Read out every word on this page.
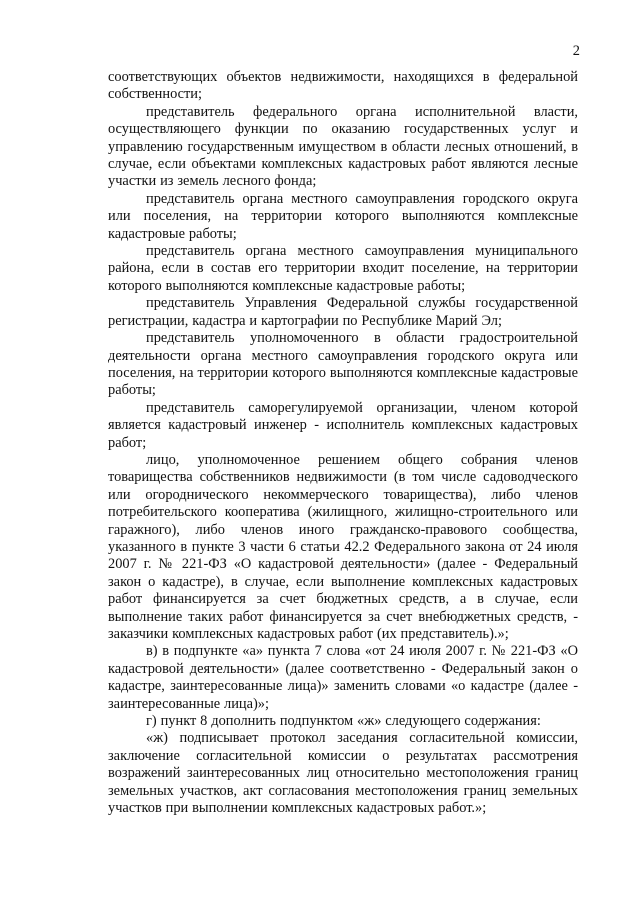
2

соответствующих объектов недвижимости, находящихся в федеральной собственности;

представитель федерального органа исполнительной власти, осуществляющего функции по оказанию государственных услуг и управлению государственным имуществом в области лесных отношений, в случае, если объектами комплексных кадастровых работ являются лесные участки из земель лесного фонда;

представитель органа местного самоуправления городского округа или поселения, на территории которого выполняются комплексные кадастровые работы;

представитель органа местного самоуправления муниципального района, если в состав его территории входит поселение, на территории которого выполняются комплексные кадастровые работы;

представитель Управления Федеральной службы государственной регистрации, кадастра и картографии по Республике Марий Эл;

представитель уполномоченного в области градостроительной деятельности органа местного самоуправления городского округа или поселения, на территории которого выполняются комплексные кадастровые работы;

представитель саморегулируемой организации, членом которой является кадастровый инженер - исполнитель комплексных кадастровых работ;

лицо, уполномоченное решением общего собрания членов товарищества собственников недвижимости (в том числе садоводческого или огороднического некоммерческого товарищества), либо членов потребительского кооператива (жилищного, жилищно-строительного или гаражного), либо членов иного гражданско-правового сообщества, указанного в пункте 3 части 6 статьи 42.2 Федерального закона от 24 июля 2007 г. № 221-ФЗ «О кадастровой деятельности» (далее - Федеральный закон о кадастре), в случае, если выполнение комплексных кадастровых работ финансируется за счет бюджетных средств, а в случае, если выполнение таких работ финансируется за счет внебюджетных средств, - заказчики комплексных кадастровых работ (их представитель).»;

в) в подпункте «а» пункта 7 слова «от 24 июля 2007 г. № 221-ФЗ «О кадастровой деятельности» (далее соответственно - Федеральный закон о кадастре, заинтересованные лица)» заменить словами «о кадастре (далее - заинтересованные лица)»;

г) пункт 8 дополнить подпунктом «ж» следующего содержания:

«ж) подписывает протокол заседания согласительной комиссии, заключение согласительной комиссии о результатах рассмотрения возражений заинтересованных лиц относительно местоположения границ земельных участков, акт согласования местоположения границ земельных участков при выполнении комплексных кадастровых работ.»;
